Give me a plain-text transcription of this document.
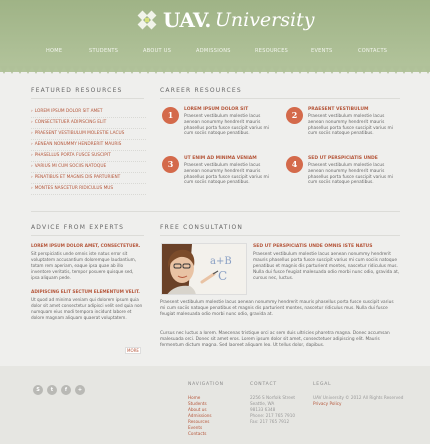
UAV. University
HOME	STUDENTS	ABOUT US	ADMISSIONS	RESOURCES	EVENTS	CONTACTS
FEATURED RESOURCES
› LOREM IPSUM DOLOR SIT AMET
› CONSECTETUER ADIPISCING ELIT
› PRAESENT VESTIBULUM MOLESTIE LACUS
› AENEAN NONUMMY HENDRERIT MAURIS
› PHASELLUS PORTA FUSCE SUSCIPIT
› VARIUS MI CUM SOCIIS NATOQUE
› PENATIBUS ET MAGNIS DIS PARTURIENT
› MONTES NASCETUR RIDICULUS MUS
CAREER RESOURCES
1
LOREM IPSUM DOLOR SIT
Praesent vestibulum molestie lacus aenean nonummy hendrerit mauris phasellus porta fusce suscipit varius mi cum sociis natoque penatibus.
2
PRAESENT VESTIBULUM
Praesent vestibulum molestie lacus aenean nonummy hendrerit mauris phasellus porta fusce suscipit varius mi cum sociis natoque penatibus.
3
UT ENIM AD MINIMA VENIAM
Praesent vestibulum molestie lacus aenean nonummy hendrerit mauris phasellus porta fusce suscipit varius mi cum sociis natoque penatibus.
4
SED UT PERSPICIATIS UNDE
Praesent vestibulum molestie lacus aenean nonummy hendrerit mauris phasellus porta fusce suscipit varius mi cum sociis natoque penatibus.
ADVICE FROM EXPERTS
LOREM IPSUM DOLOR AMET, CONSECTETUER.
Sit perspiciatis unde omnis iste natus error sit voluptatem accusantium doloremque laudantium, totam rem aperiam, eaque ipsa quae ab illo inventore veritatis, tempor posuere quisque sed, ipsa aliquam pede.
ADIPISCING ELIT SECTUM ELEMENTUM VELIT.
Ut quod ad minima veniam qui dolorem ipsum quia dolor sit amet consectetur adipisci velit sed quia non numquam eius modi tempora incidunt labore et dolore magnam aliquam quaerat voluptatem.
MORE
FREE CONSULTATION
a+B
C
SED UT PERSPICIATIS UNDE OMNIS ISTE NATUS
Praesent vestibulum molestie lacus aenean nonummy hendrerit mauris phasellus porta fusce suscipit varius mi cum sociis natoque penatibus et magnis dis parturient montes, nascetur ridiculus mus. Nulla dui fusce feugiat malesuada odio morbi nunc odio, gravida at, cursus nec, luctus.
Praesent vestibulum molestie lacus aenean nonummy hendrerit mauris phasellus porta fusce suscipit varius mi cum sociis natoque penatibus et magnis dis parturient montes, nascetur ridiculus mus. Nulla dui fusce feugiat malesuada odio morbi nunc odio, gravida at.
Cursus nec luctus a lorem. Maecenas tristique orci ac sem duis ultricies pharetra magna. Donec accumsan malesuada orci. Donec sit amet eros. Lorem ipsum dolor sit amet, consectetuer adipiscing elit. Mauris fermentum dictum magna. Sed laoreet aliquam leo. Ut tellus dolor, dapibus.
S	t	f	+
NAVIGATION
Home
Students
About us
Admissions
Resources
Events
Contacts
CONTACT
2256 S Norfolk Street
Seattle, WA
98133 6348
Phone: 217 765 7910
Fax: 217 765 7912
LEGAL
UAV University © 2012 All Rights Reserved
Privacy Policy
